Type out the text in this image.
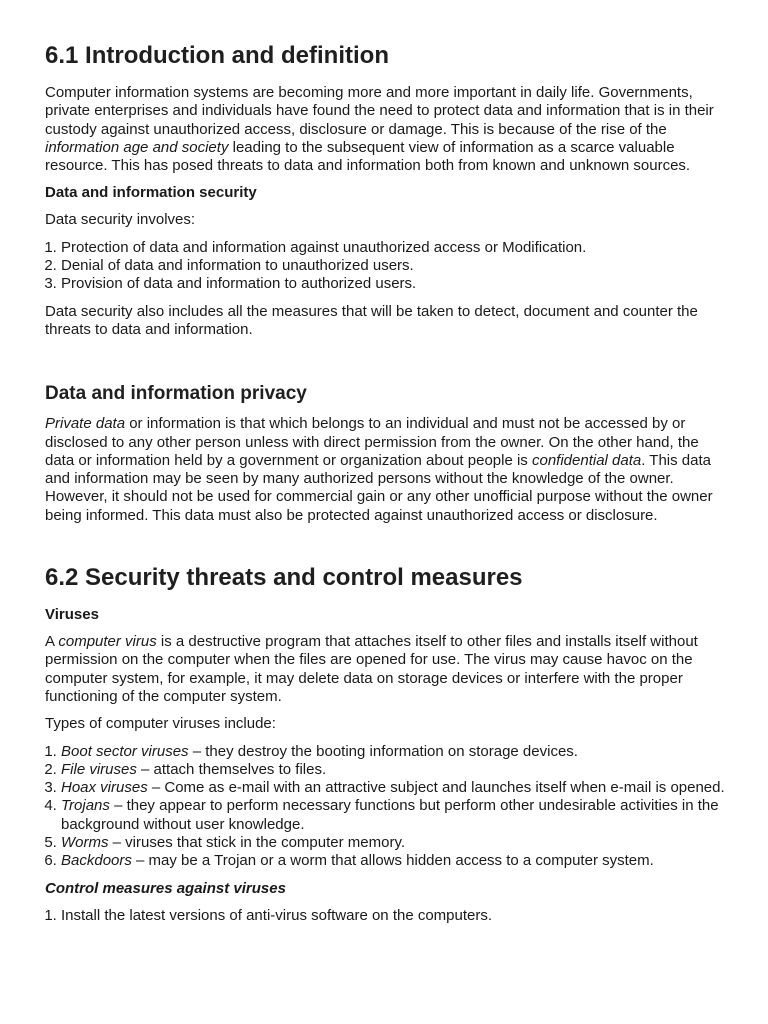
6.1 Introduction and definition

Computer information systems are becoming more and more important in daily life. Governments, private enterprises and individuals have found the need to protect data and information that is in their custody against unauthorized access, disclosure or damage. This is because of the rise of the information age and society leading to the subsequent view of information as a scarce valuable resource. This has posed threats to data and information both from known and unknown sources.

Data and information security

Data security involves:

1. Protection of data and information against unauthorized access or Modification.
2. Denial of data and information to unauthorized users.
3. Provision of data and information to authorized users.

Data security also includes all the measures that will be taken to detect, document and counter the threats to data and information.

Data and information privacy

Private data or information is that which belongs to an individual and must not be accessed by or disclosed to any other person unless with direct permission from the owner. On the other hand, the data or information held by a government or organization about people is confidential data. This data and information may be seen by many authorized persons without the knowledge of the owner. However, it should not be used for commercial gain or any other unofficial purpose without the owner being informed. This data must also be protected against unauthorized access or disclosure.

6.2 Security threats and control measures
Viruses

A computer virus is a destructive program that attaches itself to other files and installs itself without permission on the computer when the files are opened for use. The virus may cause havoc on the computer system, for example, it may delete data on storage devices or interfere with the proper functioning of the computer system.

Types of computer viruses include:

1. Boot sector viruses – they destroy the booting information on storage devices.
2. File viruses – attach themselves to files.
3. Hoax viruses – Come as e-mail with an attractive subject and launches itself when e-mail is opened.
4. Trojans – they appear to perform necessary functions but perform other undesirable activities in the background without user knowledge.
5. Worms – viruses that stick in the computer memory.
6. Backdoors – may be a Trojan or a worm that allows hidden access to a computer system.
Control measures against viruses
1. Install the latest versions of anti-virus software on the computers.
